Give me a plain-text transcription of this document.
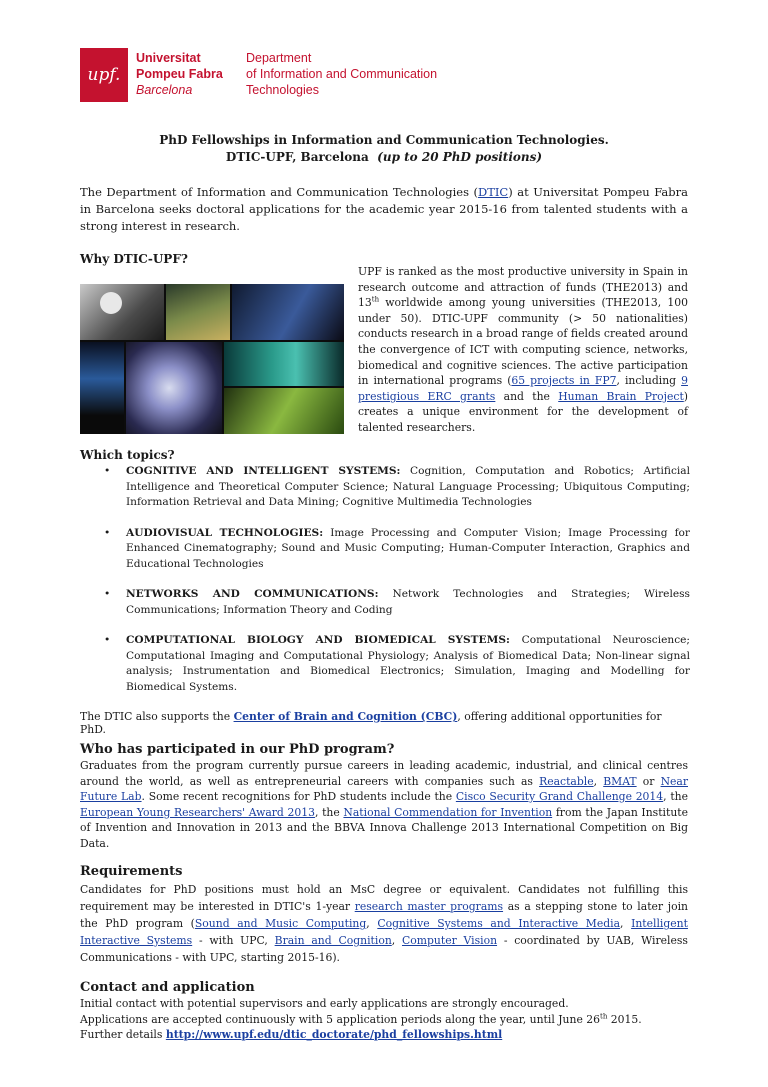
upf.
Universitat
Pompeu Fabra
Barcelona
Department
of Information and Communication
Technologies
PhD Fellowships in Information and Communication Technologies.
DTIC-UPF, Barcelona (up to 20 PhD positions)
The Department of Information and Communication Technologies (DTIC) at Universitat Pompeu Fabra in Barcelona seeks doctoral applications for the academic year 2015-16 from talented students with a strong interest in research.
Why DTIC-UPF?
UPF is ranked as the most productive university in Spain in research outcome and attraction of funds (THE2013) and 13th worldwide among young universities (THE2013, 100 under 50). DTIC-UPF community (> 50 nationalities) conducts research in a broad range of fields created around the convergence of ICT with computing science, networks, biomedical and cognitive sciences. The active participation in international programs (65 projects in FP7, including 9 prestigious ERC grants and the Human Brain Project) creates a unique environment for the development of talented researchers.
Which topics?
• COGNITIVE AND INTELLIGENT SYSTEMS: Cognition, Computation and Robotics; Artificial Intelligence and Theoretical Computer Science; Natural Language Processing; Ubiquitous Computing; Information Retrieval and Data Mining; Cognitive Multimedia Technologies
• AUDIOVISUAL TECHNOLOGIES: Image Processing and Computer Vision; Image Processing for Enhanced Cinematography; Sound and Music Computing; Human-Computer Interaction, Graphics and Educational Technologies
• NETWORKS AND COMMUNICATIONS: Network Technologies and Strategies; Wireless Communications; Information Theory and Coding
• COMPUTATIONAL BIOLOGY AND BIOMEDICAL SYSTEMS: Computational Neuroscience; Computational Imaging and Computational Physiology; Analysis of Biomedical Data; Non-linear signal analysis; Instrumentation and Biomedical Electronics; Simulation, Imaging and Modelling for Biomedical Systems.
The DTIC also supports the Center of Brain and Cognition (CBC), offering additional opportunities for PhD.
Who has participated in our PhD program?
Graduates from the program currently pursue careers in leading academic, industrial, and clinical centres around the world, as well as entrepreneurial careers with companies such as Reactable, BMAT or Near Future Lab. Some recent recognitions for PhD students include the Cisco Security Grand Challenge 2014, the European Young Researchers' Award 2013, the National Commendation for Invention from the Japan Institute of Invention and Innovation in 2013 and the BBVA Innova Challenge 2013 International Competition on Big Data.
Requirements
Candidates for PhD positions must hold an MsC degree or equivalent. Candidates not fulfilling this requirement may be interested in DTIC's 1-year research master programs as a stepping stone to later join the PhD program (Sound and Music Computing, Cognitive Systems and Interactive Media, Intelligent Interactive Systems - with UPC, Brain and Cognition, Computer Vision - coordinated by UAB, Wireless Communications - with UPC, starting 2015-16).
Contact and application
Initial contact with potential supervisors and early applications are strongly encouraged.
Applications are accepted continuously with 5 application periods along the year, until June 26th 2015.
Further details http://www.upf.edu/dtic_doctorate/phd_fellowships.html
